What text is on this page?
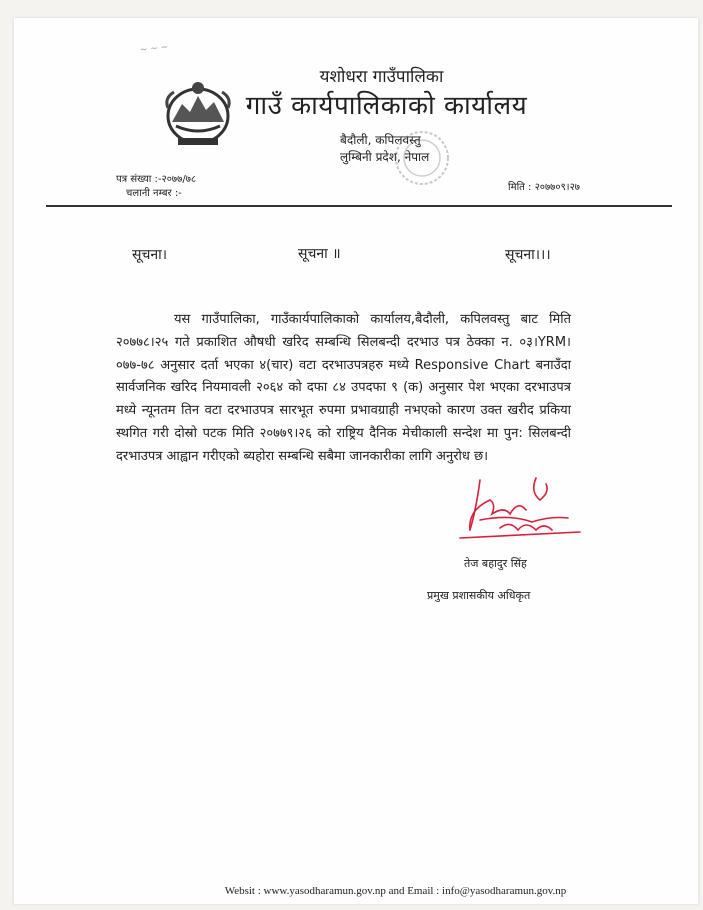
~ ~ ~
यशोधरा गाउँपालिका
गाउँ कार्यपालिकाको कार्यालय
बैदौली, कपिलवस्तु
लुम्बिनी प्रदेश, नेपाल
पत्र संख्या :-२०७७/७८
चलानी नम्बर :-
मिति : २०७७०९।२७
सूचना।	सूचना ॥	सूचना।।।
यस गाउँपालिका, गाउँकार्यपालिकाको कार्यालय,बैदौली, कपिलवस्तु बाट मिति २०७७८।२५ गते प्रकाशित औषधी खरिद सम्बन्धि सिलबन्दी दरभाउ पत्र ठेक्का न. ०३।YRM।०७७-७८ अनुसार दर्ता भएका ४(चार) वटा दरभाउपत्रहरु मध्ये Responsive Chart बनाउँदा सार्वजनिक खरिद नियमावली २०६४ को दफा ८४ उपदफा ९ (क) अनुसार पेश भएका दरभाउपत्र मध्ये न्यूनतम तिन वटा दरभाउपत्र सारभूत रुपमा प्रभावग्राही नभएको कारण उक्त खरीद प्रकिया स्थगित गरी दोस्रो पटक मिति २०७७९।२६ को राष्ट्रिय दैनिक मेचीकाली सन्देश मा पुन: सिलबन्दी दरभाउपत्र आह्वान गरीएको ब्यहोरा सम्बन्धि सबैमा जानकारीका लागि अनुरोध छ।
तेज बहादुर सिंह
प्रमुख प्रशासकीय अधिकृत
Websit : www.yasodharamun.gov.np and Email : info@yasodharamun.gov.np
